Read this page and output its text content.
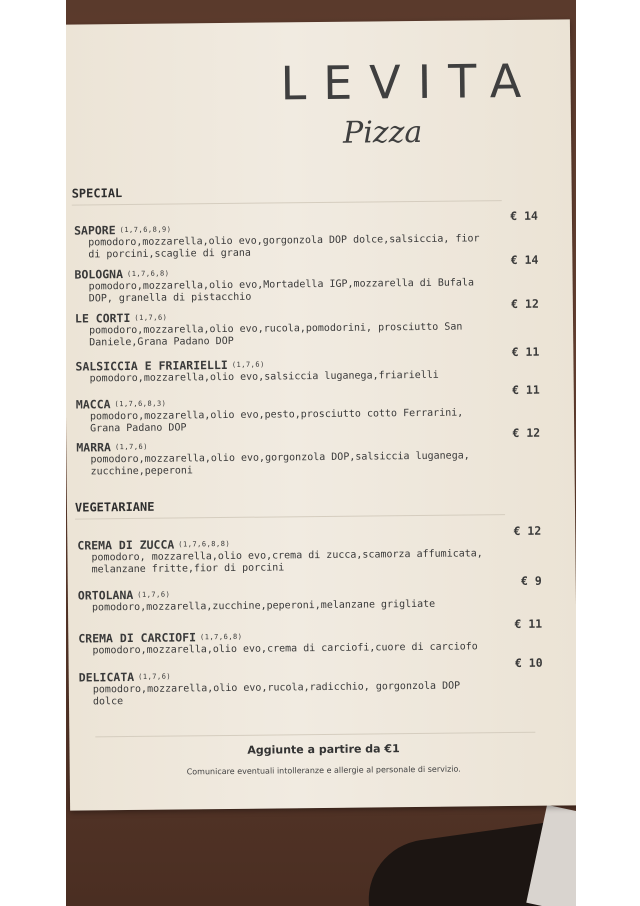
LEVITA
Pizza
SPECIAL
SAPORE (1,7,6,8,9)
pomodoro,mozzarella,olio evo,gorgonzola DOP dolce,salsiccia, fior di porcini,scaglie di grana
€ 14
BOLOGNA (1,7,6,8)
pomodoro,mozzarella,olio evo,Mortadella IGP,mozzarella di Bufala DOP, granella di pistacchio
€ 14
LE CORTI (1,7,6)
pomodoro,mozzarella,olio evo,rucola,pomodorini, prosciutto San Daniele,Grana Padano DOP
€ 12
SALSICCIA E FRIARIELLI (1,7,6)
pomodoro,mozzarella,olio evo,salsiccia luganega,friarielli
€ 11
MACCA (1,7,6,8,3)
pomodoro,mozzarella,olio evo,pesto,prosciutto cotto Ferrarini, Grana Padano DOP
€ 11
MARRA (1,7,6)
pomodoro,mozzarella,olio evo,gorgonzola DOP,salsiccia luganega, zucchine,peperoni
€ 12
VEGETARIANE
CREMA DI ZUCCA (1,7,6,8,8)
pomodoro, mozzarella,olio evo,crema di zucca,scamorza affumicata, melanzane fritte,fior di porcini
€ 12
ORTOLANA (1,7,6)
pomodoro,mozzarella,zucchine,peperoni,melanzane grigliate
€ 9
CREMA DI CARCIOFI (1,7,6,8)
pomodoro,mozzarella,olio evo,crema di carciofi,cuore di carciofo
€ 11
DELICATA (1,7,6)
pomodoro,mozzarella,olio evo,rucola,radicchio, gorgonzola DOP dolce
€ 10
Aggiunte a partire da €1
Comunicare eventuali intolleranze e allergie al personale di servizio.
